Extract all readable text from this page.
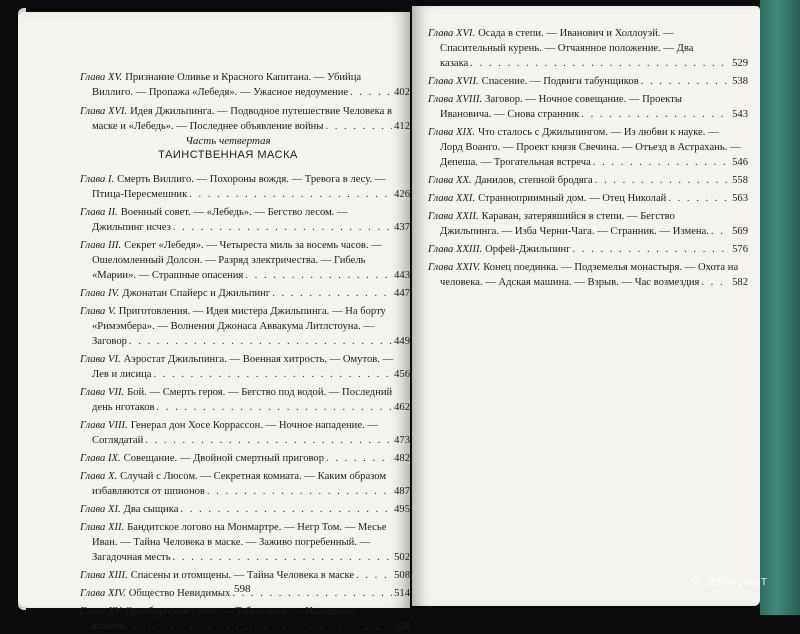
Глава XV. Признание Оливье и Красного Капитана. — Убийца
Виллиго. — Пропажа «Лебедя». — Ужасное недоумение . . .	402
Глава XVI. Идея Джильпинга. — Подводное путешествие Человека в
маске и «Лебедь». — Последнее объявление войны . . .	412
Часть четвертая
ТАИНСТВЕННАЯ МАСКА
Глава I. Смерть Виллиго. — Похороны вождя. — Тревога в лесу. —
Птица-Пересмешник . . .	426
Глава II. Военный совет. — «Лебедь». — Бегство лесом. —
Джильпинг исчез . . .	437
Глава III. Секрет «Лебедя». — Четыреста миль за восемь часов. —
Ошеломленный Долсон. — Разряд электричества. — Гибель
«Марии». — Страшные опасения . . .	443
Глава IV. Джонатан Спайерс и Джильпинг . . .	447
Глава V. Приготовления. — Идея мистера Джильпинга. — На борту
«Римэмбера». — Волнения Джонаса Аввакума Литлстоуна. —
Заговор . . .	449
Глава VI. Аэростат Джильпинга. — Военная хитрость. — Омутов. —
Лев и лисица . . .	456
Глава VII. Бой. — Смерть героя. — Бегство под водой. — Последний
день нготаков . . .	462
Глава VIII. Генерал дон Хосе Коррассон. — Ночное нападение. —
Соглядатай . . .	473
Глава IX. Совещание. — Двойной смертный приговор . . .	482
Глава X. Случай с Люсом. — Секретная комната. — Каким образом
избавляются от шпионов . . .	487
Глава XI. Два сыщика . . .	495
Глава XII. Бандитское логово на Монмартре. — Негр Том. — Месье
Иван. — Тайна Человека в маске. — Заживо погребенный. —
Загадочная месть . . .	502
Глава XIII. Спасены и отомщены. — Тайна Человека в маске . . .	508
Глава XIV. Общество Невидимых . . .	514
Глава XV. Оренбургские степи. — Табунщики. — Нападение
волков . . .	520
598
Глава XVI. Осада в степи. — Иванович и Холлоуэй. —
Спасительный курень. — Отчаянное положение. — Два
казака . . .	529
Глава XVII. Спасение. — Подвиги табунщиков . . .	538
Глава XVIII. Заговор. — Ночное совещание. — Проекты
Ивановича. — Снова странник . . .	543
Глава XIX. Что сталось с Джильпингом. — Из любви к науке. —
Лорд Воанго. — Проект князя Свечина. — Отъезд в Астрахань. —
Депеша. — Трогательная встреча . . .	546
Глава XX. Данилов, степной бродяга . . .	558
Глава XXI. Странноприимный дом. — Отец Николай . . .	563
Глава XXII. Караван, затерявшийся в степи. — Бегство
Джильпинга. — Изба Черни-Чага. — Странник. — Измена. . . . 569
Глава XXIII. Орфей-Джильпинг . . .	576
Глава XXIV. Конец поединка. — Подземелья монастыря. — Охота на
человека. — Адская машина. — Взрыв. — Час возмездия . . .	582
✲ Лабиринт
